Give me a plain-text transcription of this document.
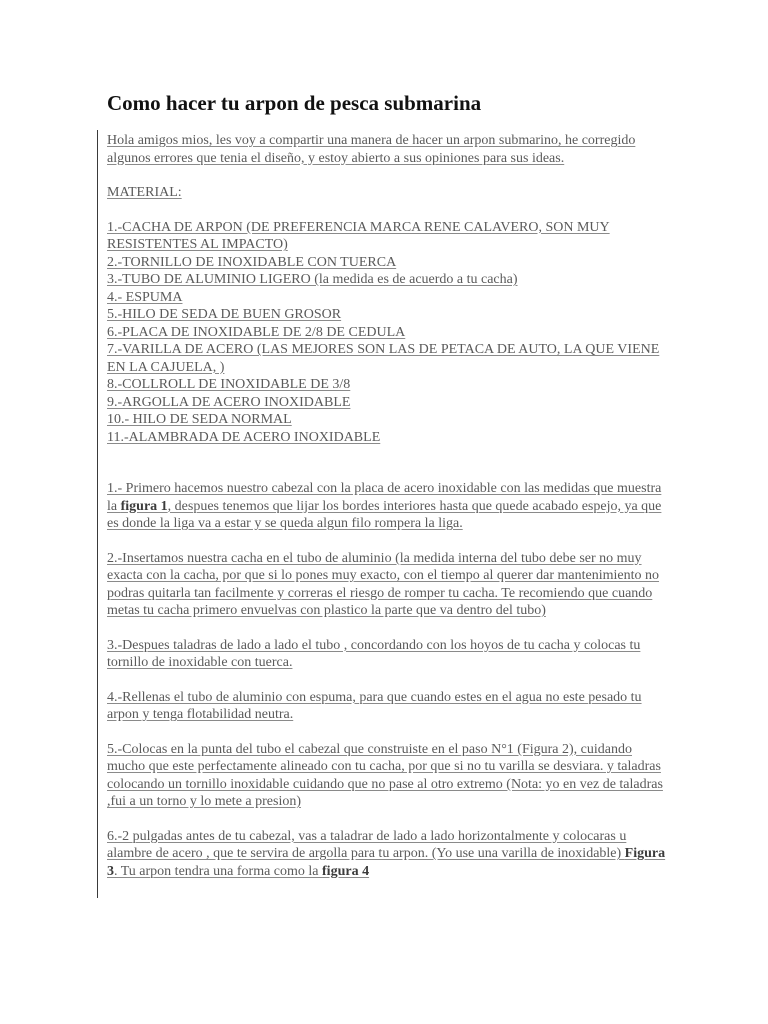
Como hacer tu arpon de pesca submarina

Hola amigos mios, les voy a compartir una manera de hacer un arpon submarino, he corregido algunos errores que tenia el diseño, y estoy abierto a sus opiniones para sus ideas.

MATERIAL:

1.-CACHA DE ARPON (DE PREFERENCIA MARCA RENE CALAVERO, SON MUY RESISTENTES AL IMPACTO)

2.-TORNILLO DE INOXIDABLE CON TUERCA

3.-TUBO DE ALUMINIO LIGERO (la medida es de acuerdo a tu cacha)

4.- ESPUMA

5.-HILO DE SEDA DE BUEN GROSOR

6.-PLACA DE INOXIDABLE DE 2/8 DE CEDULA

7.-VARILLA DE ACERO (LAS MEJORES SON LAS DE PETACA DE AUTO, LA QUE VIENE EN LA CAJUELA, )

8.-COLLROLL DE INOXIDABLE DE 3/8

9.-ARGOLLA DE ACERO INOXIDABLE

10.- HILO DE SEDA NORMAL

11.-ALAMBRADA DE ACERO INOXIDABLE

1.- Primero hacemos nuestro cabezal con la placa de acero inoxidable con las medidas que muestra la figura 1, despues tenemos que lijar los bordes interiores hasta que quede acabado espejo, ya que es donde la liga va a estar y se queda algun filo rompera la liga.

2.-Insertamos nuestra cacha en el tubo de aluminio (la medida interna del tubo debe ser no muy exacta con la cacha, por que si lo pones muy exacto, con el tiempo al querer dar mantenimiento no podras quitarla tan facilmente y correras el riesgo de romper tu cacha. Te recomiendo que cuando metas tu cacha primero envuelvas con plastico la parte que va dentro del tubo)

3.-Despues taladras de lado a lado el tubo , concordando con los hoyos de tu cacha y colocas tu tornillo de inoxidable con tuerca.

4.-Rellenas el tubo de aluminio con espuma, para que cuando estes en el agua no este pesado tu arpon y tenga flotabilidad neutra.

5.-Colocas en la punta del tubo el cabezal que construiste en el paso N°1 (Figura 2), cuidando mucho que este perfectamente alineado con tu cacha, por que si no tu varilla se desviara. y taladras colocando un tornillo inoxidable cuidando que no pase al otro extremo (Nota: yo en vez de taladras ,fui a un torno y lo mete a presion)

6.-2 pulgadas antes de tu cabezal, vas a taladrar de lado a lado horizontalmente y colocaras u alambre de acero , que te servira de argolla para tu arpon. (Yo use una varilla de inoxidable) Figura 3. Tu arpon tendra una forma como la figura 4
